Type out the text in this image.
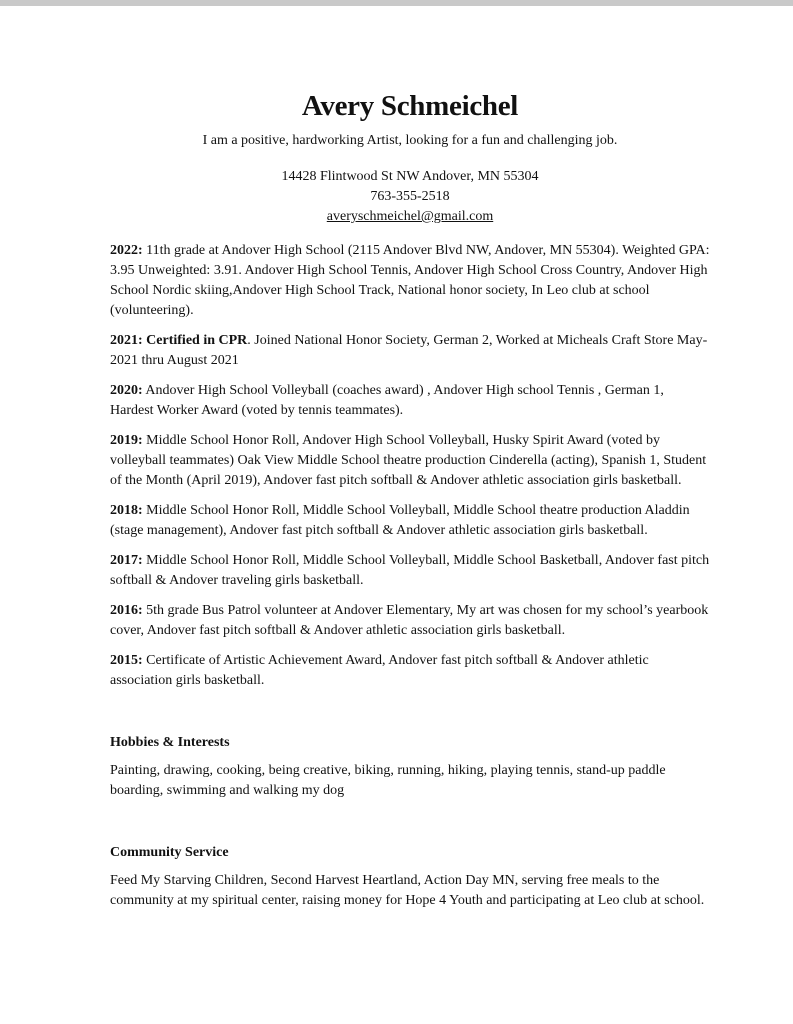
Avery Schmeichel
I am a positive, hardworking Artist, looking for a fun and challenging job.
14428 Flintwood St NW Andover, MN 55304
763-355-2518
averyschmeichel@gmail.com

2022: 11th grade at Andover High School (2115 Andover Blvd NW, Andover, MN 55304). Weighted GPA: 3.95 Unweighted: 3.91. Andover High School Tennis, Andover High School Cross Country, Andover High School Nordic skiing,Andover High School Track, National honor society, In Leo club at school (volunteering).

2021: Certified in CPR. Joined National Honor Society, German 2, Worked at Micheals Craft Store May- 2021 thru August 2021

2020: Andover High School Volleyball (coaches award) , Andover High school Tennis , German 1, Hardest Worker Award (voted by tennis teammates).

2019: Middle School Honor Roll, Andover High School Volleyball, Husky Spirit Award (voted by volleyball teammates) Oak View Middle School theatre production Cinderella (acting), Spanish 1, Student of the Month (April 2019), Andover fast pitch softball & Andover athletic association girls basketball.

2018: Middle School Honor Roll, Middle School Volleyball, Middle School theatre production Aladdin (stage management), Andover fast pitch softball & Andover athletic association girls basketball.

2017: Middle School Honor Roll, Middle School Volleyball, Middle School Basketball, Andover fast pitch softball & Andover traveling girls basketball.

2016: 5th grade Bus Patrol volunteer at Andover Elementary, My art was chosen for my school’s yearbook cover, Andover fast pitch softball & Andover athletic association girls basketball.

2015: Certificate of Artistic Achievement Award, Andover fast pitch softball & Andover athletic association girls basketball.

Hobbies & Interests

Painting, drawing, cooking, being creative, biking, running, hiking, playing tennis, stand-up paddle boarding, swimming and walking my dog

Community Service

Feed My Starving Children, Second Harvest Heartland, Action Day MN, serving free meals to the community at my spiritual center, raising money for Hope 4 Youth and participating at Leo club at school.
